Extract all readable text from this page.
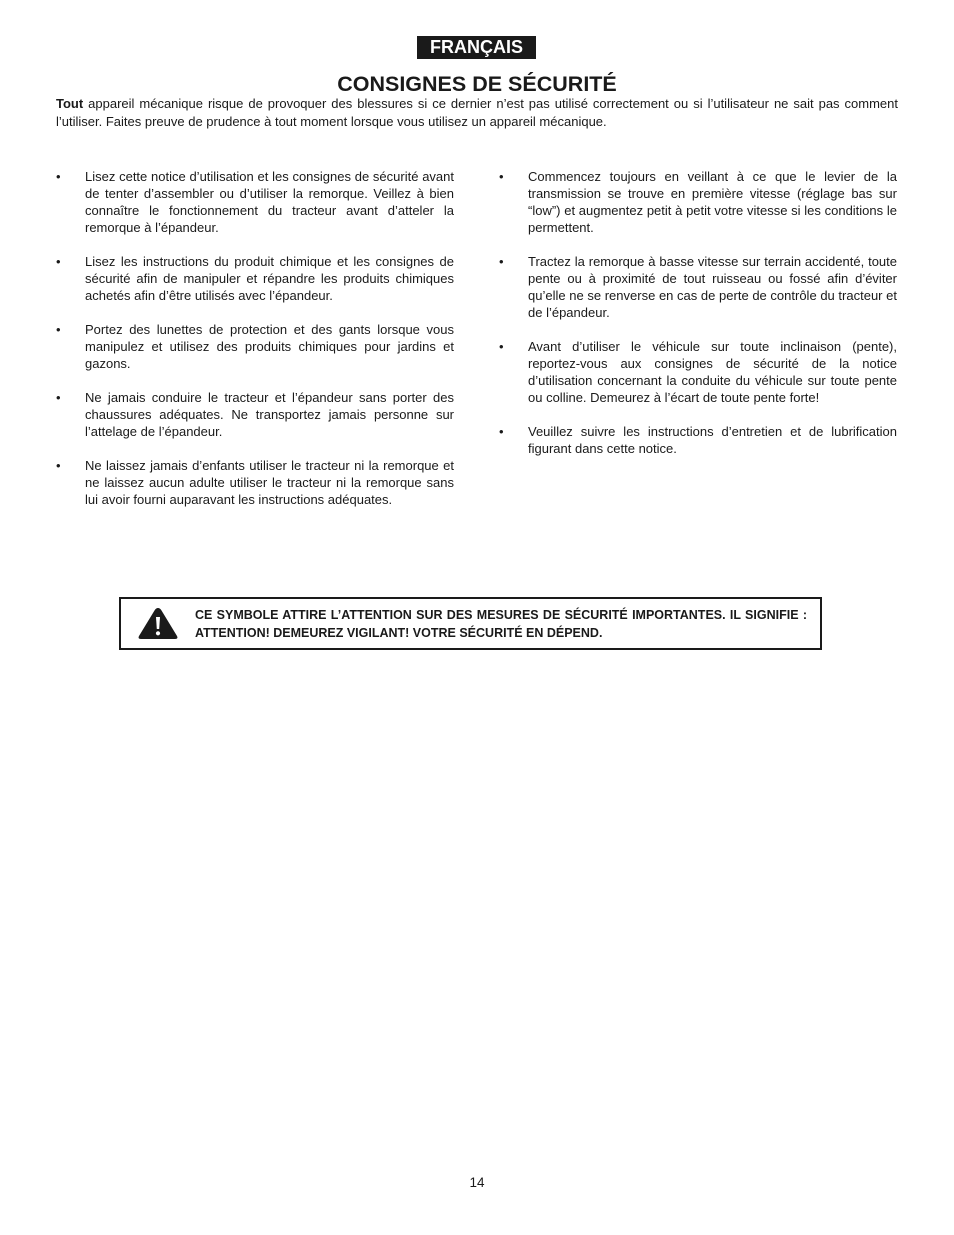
FRANÇAIS
CONSIGNES DE SÉCURITÉ

Tout appareil mécanique risque de provoquer des blessures si ce dernier n’est pas utilisé correctement ou si l’utilisateur ne sait pas comment l’utiliser. Faites preuve de prudence à tout moment lorsque vous utilisez un appareil mécanique.

• Lisez cette notice d’utilisation et les consignes de sécurité avant de tenter d’assembler ou d’utiliser la remorque. Veillez à bien connaître le fonctionnement du tracteur avant d’atteler la remorque à l’épandeur.
• Lisez les instructions du produit chimique et les consignes de sécurité afin de manipuler et répandre les produits chimiques achetés afin d’être utilisés avec l’épandeur.
• Portez des lunettes de protection et des gants lorsque vous manipulez et utilisez des produits chimiques pour jardins et gazons.
• Ne jamais conduire le tracteur et l’épandeur sans porter des chaussures adéquates. Ne transportez jamais personne sur l’attelage de l’épandeur.
• Ne laissez jamais d’enfants utiliser le tracteur ni la remorque et ne laissez aucun adulte utiliser le tracteur ni la remorque sans lui avoir fourni auparavant les instructions adéquates.
• Commencez toujours en veillant à ce que le levier de la transmission se trouve en première vitesse (réglage bas sur “low”) et augmentez petit à petit votre vitesse si les conditions le permettent.
• Tractez la remorque à basse vitesse sur terrain accidenté, toute pente ou à proximité de tout ruisseau ou fossé afin d’éviter qu’elle ne se renverse en cas de perte de contrôle du tracteur et de l’épandeur.
• Avant d’utiliser le véhicule sur toute inclinaison (pente), reportez-vous aux consignes de sécurité de la notice d’utilisation concernant la conduite du véhicule sur toute pente ou colline. Demeurez à l’écart de toute pente forte!
• Veuillez suivre les instructions d’entretien et de lubrification figurant dans cette notice.

CE SYMBOLE ATTIRE L’ATTENTION SUR DES MESURES DE SÉCURITÉ IMPORTANTES. IL SIGNIFIE : ATTENTION! DEMEUREZ VIGILANT! VOTRE SÉCURITÉ EN DÉPEND.

14
